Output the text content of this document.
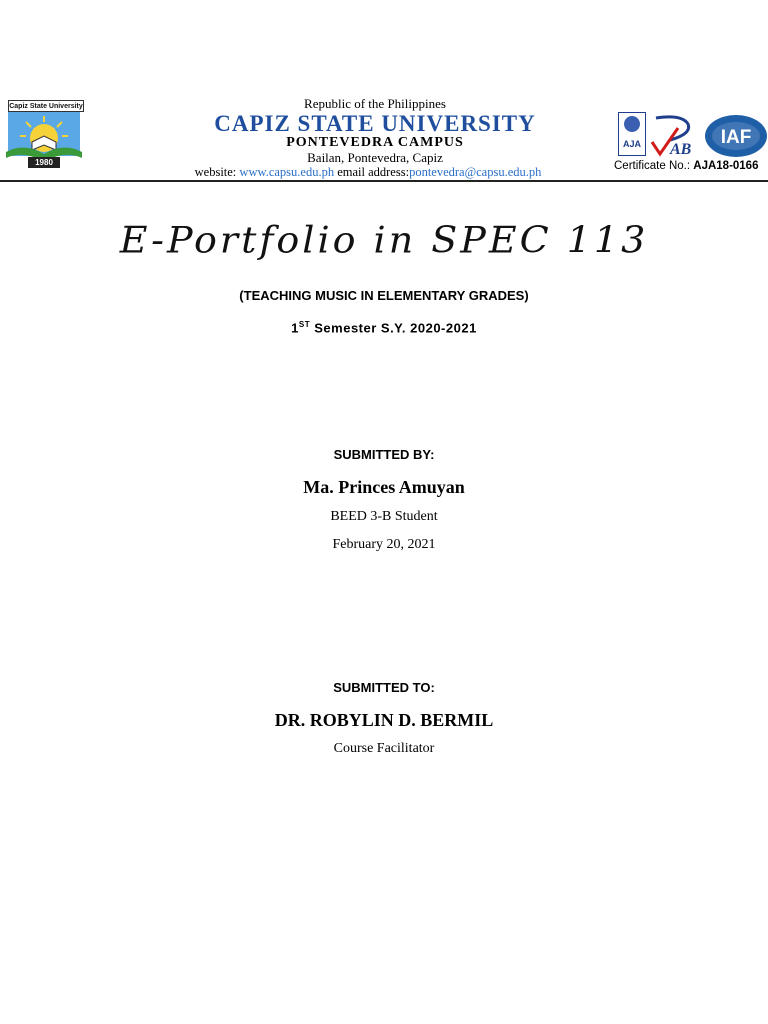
Capiz State University
1980
Republic of the Philippines
CAPIZ STATE UNIVERSITY
PONTEVEDRA CAMPUS
Bailan, Pontevedra, Capiz
website: www.capsu.edu.ph email address:pontevedra@capsu.edu.ph
AJA AB
IAF
Certificate No.: AJA18-0166
E-Portfolio in SPEC 113
(TEACHING MUSIC IN ELEMENTARY GRADES)
1ST Semester S.Y. 2020-2021
SUBMITTED BY:
Ma. Princes Amuyan
BEED 3-B Student
February 20, 2021
SUBMITTED TO:
DR. ROBYLIN D. BERMIL
Course Facilitator
